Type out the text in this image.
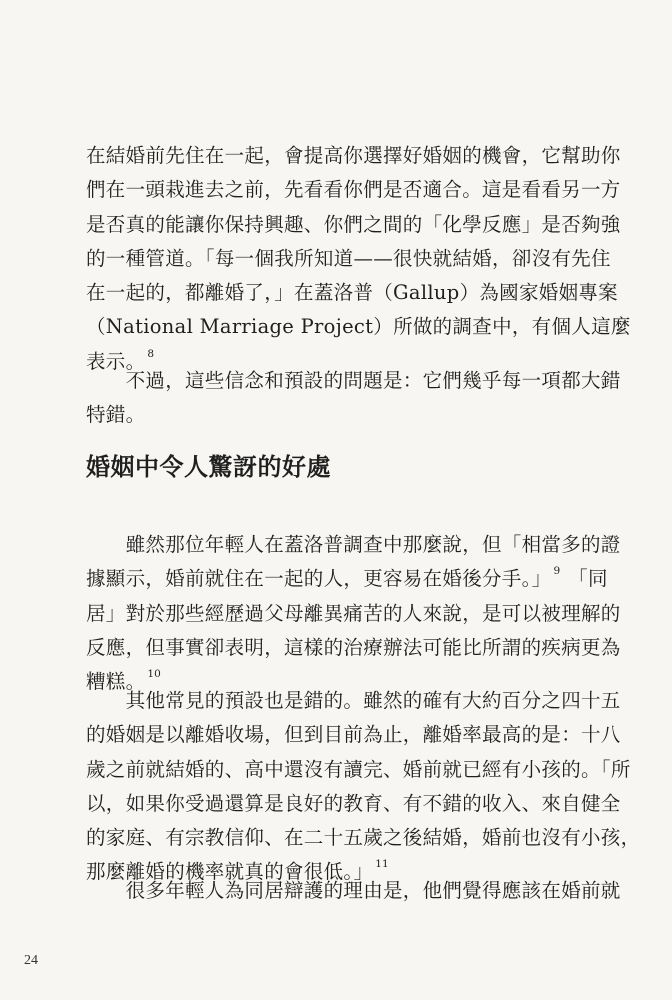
在結婚前先住在一起，會提高你選擇好婚姻的機會，它幫助你
們在一頭栽進去之前，先看看你們是否適合。這是看看另一方
是否真的能讓你保持興趣、你們之間的「化學反應」是否夠強
的一種管道。「每一個我所知道——很快就結婚，卻沒有先住
在一起的，都離婚了，」在蓋洛普（Gallup）為國家婚姻專案
（National Marriage Project）所做的調查中，有個人這麼
表示。 $^8$
　　不過，這些信念和預設的問題是：它們幾乎每一項都大錯
特錯。
婚姻中令人驚訝的好處
　　雖然那位年輕人在蓋洛普調查中那麼說，但「相當多的證
據顯示，婚前就住在一起的人，更容易在婚後分手。」 $^9$ 「同
居」對於那些經歷過父母離異痛苦的人來說，是可以被理解的
反應，但事實卻表明，這樣的治療辦法可能比所謂的疾病更為
糟糕。 $^{10}$
　　其他常見的預設也是錯的。雖然的確有大約百分之四十五
的婚姻是以離婚收場，但到目前為止，離婚率最高的是：十八
歲之前就結婚的、高中還沒有讀完、婚前就已經有小孩的。「所
以，如果你受過還算是良好的教育、有不錯的收入、來自健全
的家庭、有宗教信仰、在二十五歲之後結婚，婚前也沒有小孩，
那麼離婚的機率就真的會很低。」 $^{11}$
　　很多年輕人為同居辯護的理由是，他們覺得應該在婚前就
24
